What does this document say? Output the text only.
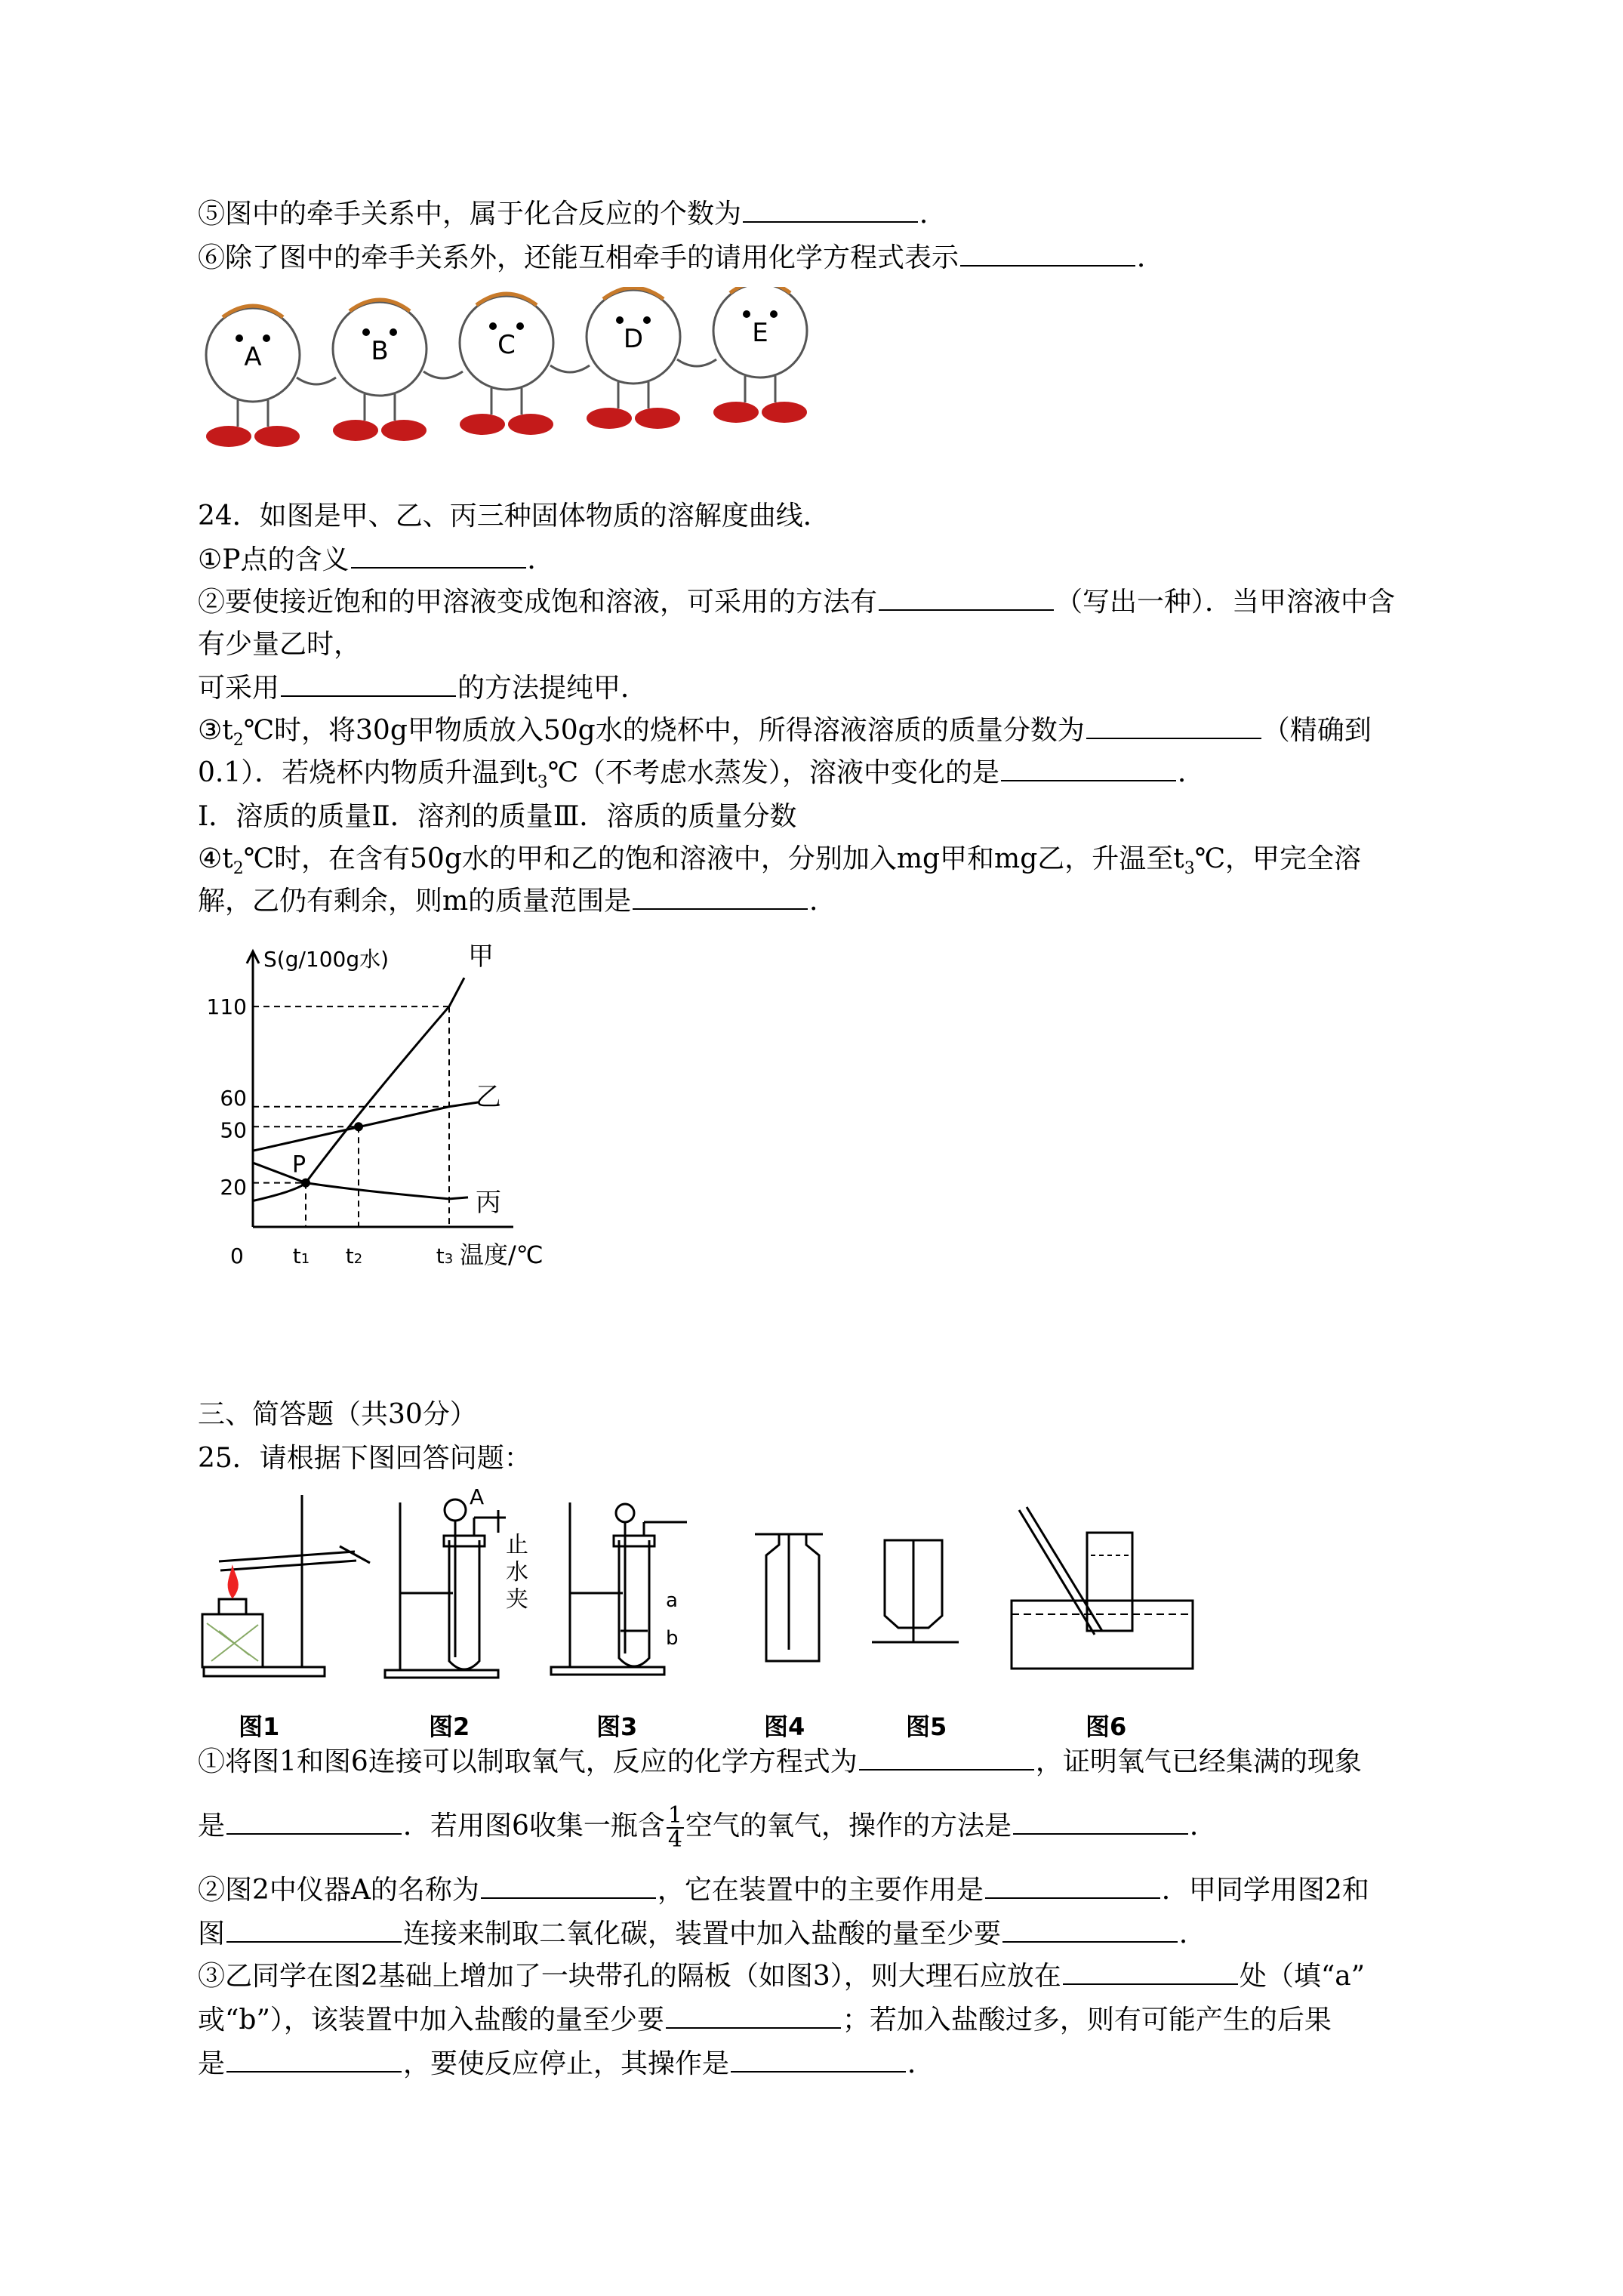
⑤图中的牵手关系中，属于化合反应的个数为	．
⑥除了图中的牵手关系外，还能互相牵手的请用化学方程式表示	．
A	B	C	D	E
24．如图是甲、乙、丙三种固体物质的溶解度曲线．
①P点的含义	．
②要使接近饱和的甲溶液变成饱和溶液，可采用的方法有	（写出一种）．当甲溶液中含
有少量乙时，
可采用	的方法提纯甲．
$③t_2℃$时，将30g甲物质放入50g水的烧杯中，所得溶液溶质的质量分数为	（精确到
0.1）．若烧杯内物质升温到$t_3℃$（不考虑水蒸发），溶液中变化的是	．
Ⅰ．溶质的质量Ⅱ．溶剂的质量Ⅲ．溶质的质量分数
$④t_2℃$时，在含有50g水的甲和乙的饱和溶液中，分别加入mg甲和mg乙，升温至$t_3℃$，甲完全溶
解，乙仍有剩余，则m的质量范围是	．
S(g/100g水)
0
20
50
60
110
t1 t2	t3 温度/℃
甲
乙
丙
P
三、简答题（共30分）
25．请根据下图回答问题：
A
止
水
夹	a
b
图1	图2	图3	图4	图5	图6
①将图1和图6连接可以制取氧气，反应的化学方程式为	，证明氧气已经集满的现象
是	．若用图6收集一瓶含 $\frac{1}{4}$ 空气的氧气，操作的方法是	．
②图2中仪器A的名称为	，它在装置中的主要作用是	．甲同学用图2和
图	连接来制取二氧化碳，装置中加入盐酸的量至少要	．
③乙同学在图2基础上增加了一块带孔的隔板（如图3），则大理石应放在	处（填“a”
或“b”），该装置中加入盐酸的量至少要	；若加入盐酸过多，则有可能产生的后果
是	，要使反应停止，其操作是	．
